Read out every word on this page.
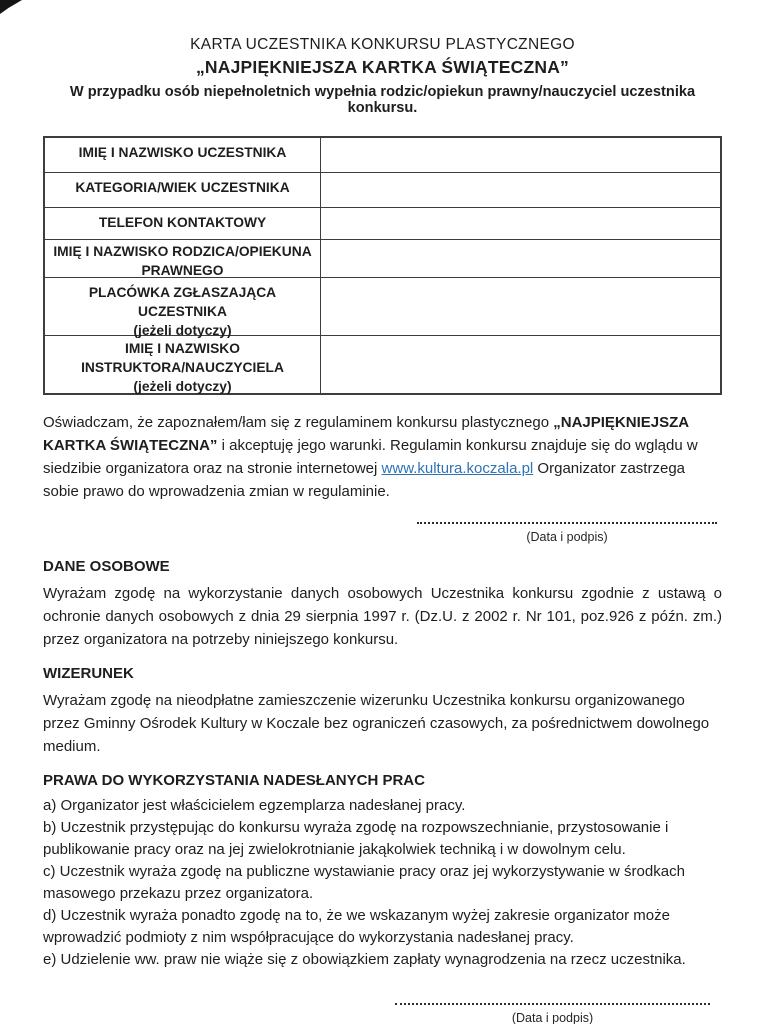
KARTA UCZESTNIKA KONKURSU PLASTYCZNEGO
„NAJPIĘKNIEJSZA KARTKA ŚWIĄTECZNA”
W przypadku osób niepełnoletnich wypełnia rodzic/opiekun prawny/nauczyciel uczestnika konkursu.
IMIĘ I NAZWISKO UCZESTNIKA
KATEGORIA/WIEK UCZESTNIKA
TELEFON KONTAKTOWY
IMIĘ I NAZWISKO RODZICA/OPIEKUNA PRAWNEGO
PLACÓWKA ZGŁASZAJĄCA UCZESTNIKA
(jeżeli dotyczy)
IMIĘ I NAZWISKO INSTRUKTORA/NAUCZYCIELA
(jeżeli dotyczy)

Oświadczam, że zapoznałem/łam się z regulaminem konkursu plastycznego „NAJPIĘKNIEJSZA KARTKA ŚWIĄTECZNA” i akceptuję jego warunki. Regulamin konkursu znajduje się do wglądu w siedzibie organizatora oraz na stronie internetowej www.kultura.koczala.pl Organizator zastrzega sobie prawo do wprowadzenia zmian w regulaminie.

(Data i podpis)
DANE OSOBOWE

Wyrażam zgodę na wykorzystanie danych osobowych Uczestnika konkursu zgodnie z ustawą o ochronie danych osobowych z dnia 29 sierpnia 1997 r. (Dz.U. z 2002 r. Nr 101, poz.926 z późn. zm.) przez organizatora na potrzeby niniejszego konkursu.

WIZERUNEK

Wyrażam zgodę na nieodpłatne zamieszczenie wizerunku Uczestnika konkursu organizowanego przez Gminny Ośrodek Kultury w Koczale bez ograniczeń czasowych, za pośrednictwem dowolnego medium.

PRAWA DO WYKORZYSTANIA NADESŁANYCH PRAC

a) Organizator jest właścicielem egzemplarza nadesłanej pracy.

b) Uczestnik przystępując do konkursu wyraża zgodę na rozpowszechnianie, przystosowanie i publikowanie pracy oraz na jej zwielokrotnianie jakąkolwiek techniką i w dowolnym celu.

c) Uczestnik wyraża zgodę na publiczne wystawianie pracy oraz jej wykorzystywanie w środkach masowego przekazu przez organizatora.

d) Uczestnik wyraża ponadto zgodę na to, że we wskazanym wyżej zakresie organizator może wprowadzić podmioty z nim współpracujące do wykorzystania nadesłanej pracy.

e) Udzielenie ww. praw nie wiąże się z obowiązkiem zapłaty wynagrodzenia na rzecz uczestnika.

(Data i podpis)
